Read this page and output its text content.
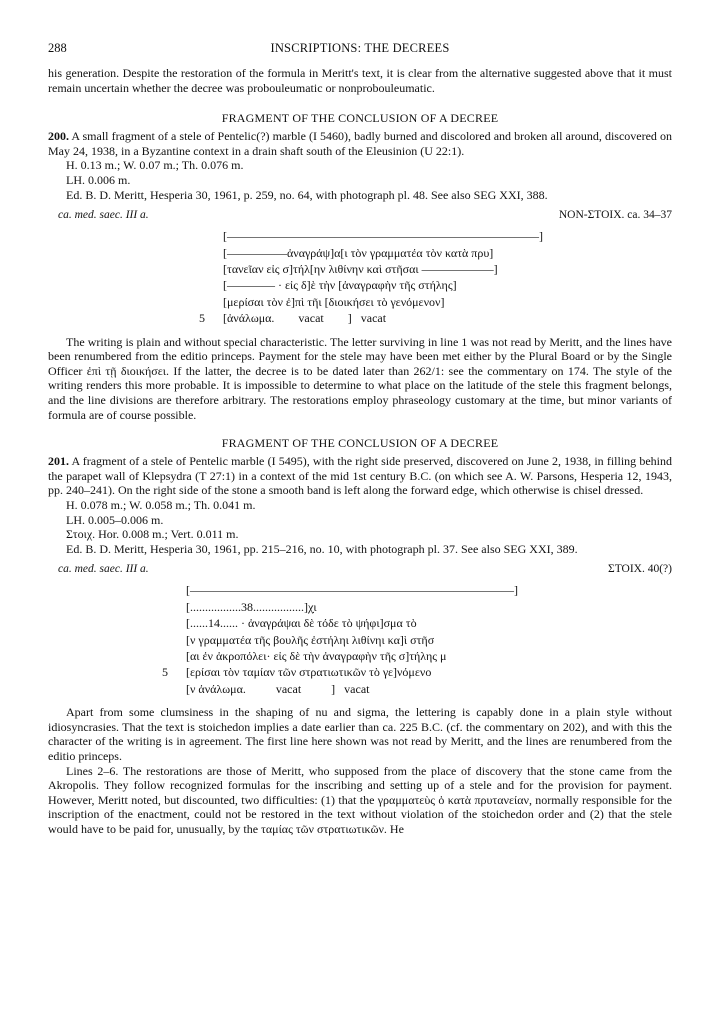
288	INSCRIPTIONS: THE DECREES

his generation. Despite the restoration of the formula in Meritt's text, it is clear from the alternative suggested above that it must remain uncertain whether the decree was probouleumatic or nonprobouleumatic.

FRAGMENT OF THE CONCLUSION OF A DECREE

200. A small fragment of a stele of Pentelic(?) marble (I 5460), badly burned and discolored and broken all around, discovered on May 24, 1938, in a Byzantine context in a drain shaft south of the Eleusinion (U 22:1).

H. 0.13 m.; W. 0.07 m.; Th. 0.076 m.
LH. 0.006 m.
Ed. B. D. Meritt, Hesperia 30, 1961, p. 259, no. 64, with photograph pl. 48. See also SEG XXI, 388.
ca. med. saec. III a.	NON-ΣΤΟΙΧ. ca. 34–37
[——————————————————————————]
[—————ἀναγράψ]α[ι τὸν γραμματέα τὸν κατὰ πρυ]
[τανεῖαν εἰς σ]τήλ[ην λιθίνην καὶ στῆσαι ——————]
[———— · εἰς δ]ὲ τὴν [ἀναγραφὴν τῆς στήλης]
[μερίσαι τὸν ἐ]πὶ τῆι [διοικήσει τὸ γενόμενον]
5	[ἀνάλωμα.        vacat        ]   vacat

The writing is plain and without special characteristic. The letter surviving in line 1 was not read by Meritt, and the lines have been renumbered from the editio princeps. Payment for the stele may have been met either by the Plural Board or by the Single Officer ἐπὶ τῇ διοικήσει. If the latter, the decree is to be dated later than 262/1: see the commentary on 174. The style of the writing renders this more probable. It is impossible to determine to what place on the latitude of the stele this fragment belongs, and the line divisions are therefore arbitrary. The restorations employ phraseology customary at the time, but minor variants of formula are of course possible.

FRAGMENT OF THE CONCLUSION OF A DECREE

201. A fragment of a stele of Pentelic marble (I 5495), with the right side preserved, discovered on June 2, 1938, in filling behind the parapet wall of Klepsydra (T 27:1) in a context of the mid 1st century B.C. (on which see A. W. Parsons, Hesperia 12, 1943, pp. 240–241). On the right side of the stone a smooth band is left along the forward edge, which otherwise is chisel dressed.

H. 0.078 m.; W. 0.058 m.; Th. 0.041 m.
LH. 0.005–0.006 m.
Στοιχ. Hor. 0.008 m.; Vert. 0.011 m.
Ed. B. D. Meritt, Hesperia 30, 1961, pp. 215–216, no. 10, with photograph pl. 37. See also SEG XXI, 389.
ca. med. saec. III a.	ΣΤΟΙΧ. 40(?)
[———————————————————————————]
[.................38.................]χ̣ι
[......14...... · ἀναγράψαι δὲ τόδε τὸ ψήφι]σμα τὸ
[ν γραμματέα τῆς βουλῆς ἐστήληι λιθίνηι κα]ὶ στῆσ
[αι ἐν ἀκροπόλει· εἰς δὲ τὴν ἀναγραφὴν τῆς σ]τήλης μ
5	[ερίσαι τὸν ταμίαν τῶν στρατιωτικῶν τὸ γε]νόμενο
[ν ἀνάλωμα.          vacat          ]   vacat

Apart from some clumsiness in the shaping of nu and sigma, the lettering is capably done in a plain style without idiosyncrasies. That the text is stoichedon implies a date earlier than ca. 225 B.C. (cf. the commentary on 202), and with this the character of the writing is in agreement. The first line here shown was not read by Meritt, and the lines are renumbered from the editio princeps.

Lines 2–6. The restorations are those of Meritt, who supposed from the place of discovery that the stone came from the Akropolis. They follow recognized formulas for the inscribing and setting up of a stele and for the provision for payment. However, Meritt noted, but discounted, two difficulties: (1) that the γραμματεὺς ὁ κατὰ πρυτανείαν, normally responsible for the inscription of the enactment, could not be restored in the text without violation of the stoichedon order and (2) that the stele would have to be paid for, unusually, by the ταμίας τῶν στρατιωτικῶν. He
